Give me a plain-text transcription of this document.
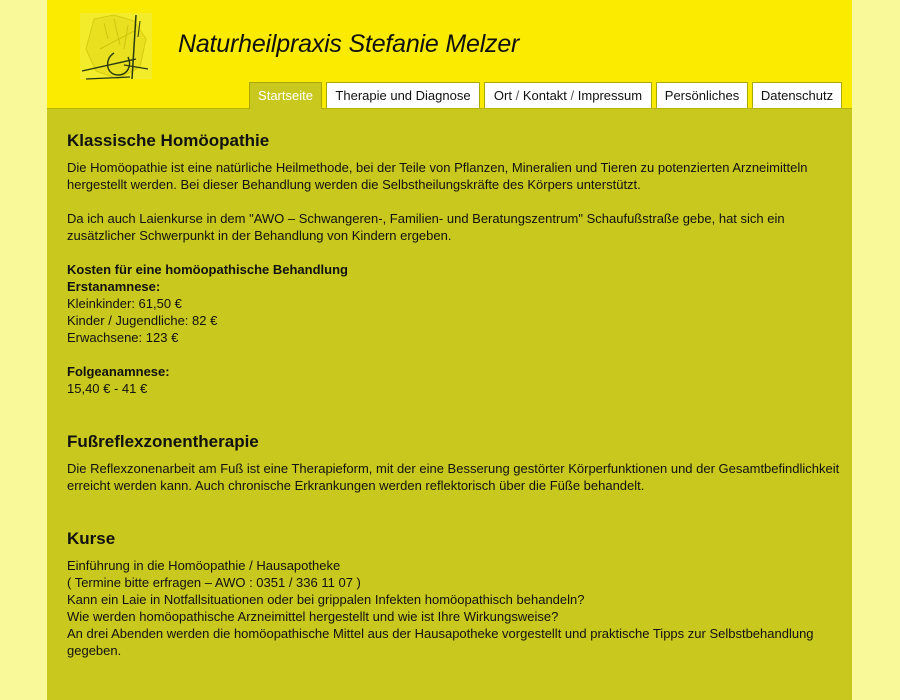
Naturheilpraxis Stefanie Melzer
Startseite	Therapie und Diagnose	Ort / Kontakt / Impressum	Persönliches	Datenschutz
Klassische Homöopathie

Die Homöopathie ist eine natürliche Heilmethode, bei der Teile von Pflanzen, Mineralien und Tieren zu potenzierten Arzneimitteln hergestellt werden. Bei dieser Behandlung werden die Selbstheilungskräfte des Körpers unterstützt.

Da ich auch Laienkurse in dem "AWO – Schwangeren-, Familien- und Beratungszentrum" Schaufußstraße gebe, hat sich ein zusätzlicher Schwerpunkt in der Behandlung von Kindern ergeben.

Kosten für eine homöopathische Behandlung

Erstanamnese:

Kleinkinder: 61,50 €

Kinder / Jugendliche: 82 €

Erwachsene: 123 €

Folgeanamnese:

15,40 € - 41 €

Fußreflexzonentherapie

Die Reflexzonenarbeit am Fuß ist eine Therapieform, mit der eine Besserung gestörter Körperfunktionen und der Gesamtbefindlichkeit erreicht werden kann. Auch chronische Erkrankungen werden reflektorisch über die Füße behandelt.

Kurse

Einführung in die Homöopathie / Hausapotheke

( Termine bitte erfragen – AWO : 0351 / 336 11 07 )

Kann ein Laie in Notfallsituationen oder bei grippalen Infekten homöopathisch behandeln?

Wie werden homöopathische Arzneimittel hergestellt und wie ist Ihre Wirkungsweise?

An drei Abenden werden die homöopathische Mittel aus der Hausapotheke vorgestellt und praktische Tipps zur Selbstbehandlung gegeben.
